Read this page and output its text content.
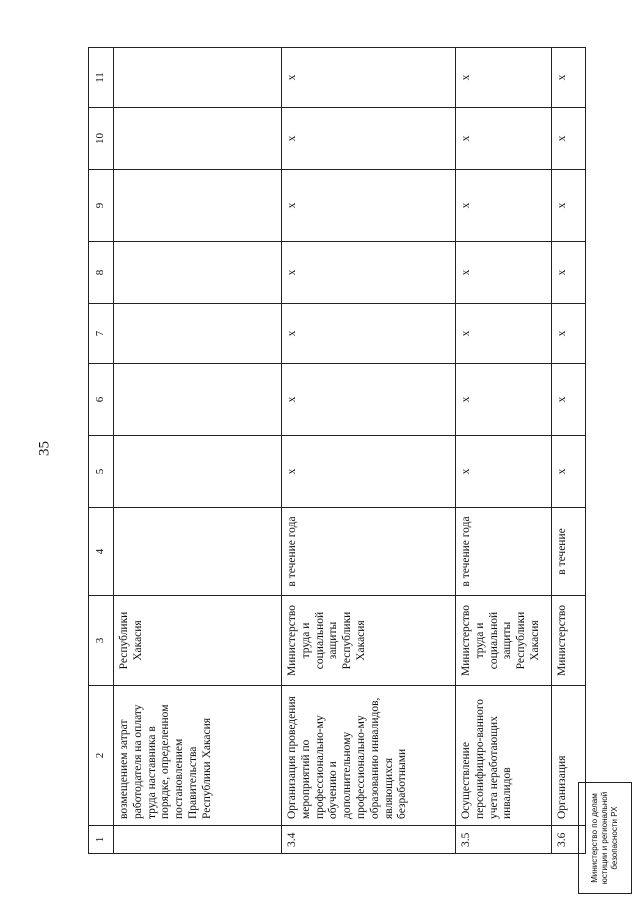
35
1	2	3	4	5	6	7	8	9	10	11
	возмещением затрат работодателя на оплату труда наставника в порядке, определенном постановлением Правительства Республики Хакасия	Республики Хакасия								
3.4	Организация проведения мероприятий по профессионально-му обучению и дополнительному профессионально-му образованию инвалидов, являющихся безработными	Министерство труда и социальной защиты Республики Хакасия	в течение года	х	х	х	х	х	х	х
3.5	Осуществление персонифициро-ванного учета неработающих инвалидов	Министерство труда и социальной защиты Республики Хакасия	в течение года	х	х	х	х	х	х	х
3.6	Организация	Министерство	в течение	х	х	х	х	х	х	х
Министерство по делам юстиции и региональной безопасности РХ
